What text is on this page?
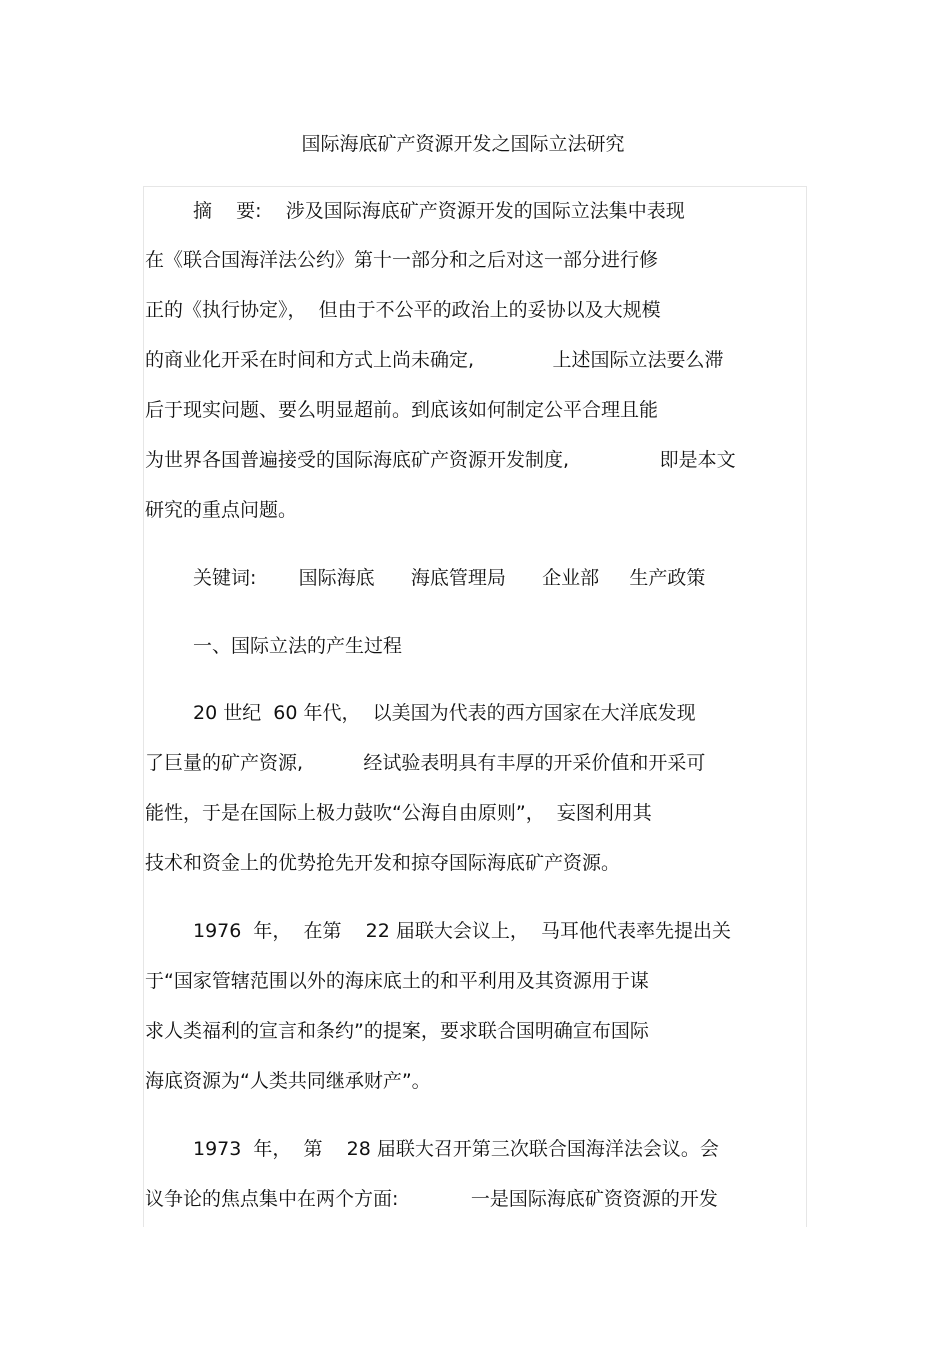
国际海底矿产资源开发之国际立法研究
摘    要:    涉及国际海底矿产资源开发的国际立法集中表现
在《联合国海洋法公约》第十一部分和之后对这一部分进行修
正的《执行协定》，  但由于不公平的政治上的妥协以及大规模
的商业化开采在时间和方式上尚未确定,             上述国际立法要么滞
后于现实问题、要么明显超前。到底该如何制定公平合理且能
为世界各国普遍接受的国际海底矿产资源开发制度,               即是本文
研究的重点问题。
关键词:       国际海底      海底管理局      企业部     生产政策
一、国际立法的产生过程
20 世纪  60 年代，  以美国为代表的西方国家在大洋底发现
了巨量的矿产资源,          经试验表明具有丰厚的开采价值和开采可
能性，于是在国际上极力鼓吹“公海自由原则”，  妄图利用其
技术和资金上的优势抢先开发和掠夺国际海底矿产资源。
1976  年，  在第    22 届联大会议上，  马耳他代表率先提出关
于“国家管辖范围以外的海床底土的和平利用及其资源用于谋
求人类福利的宣言和条约”的提案，要求联合国明确宣布国际
海底资源为“人类共同继承财产”。
1973  年，  第    28 届联大召开第三次联合国海洋法会议。会
议争论的焦点集中在两个方面:            一是国际海底矿资资源的开发
